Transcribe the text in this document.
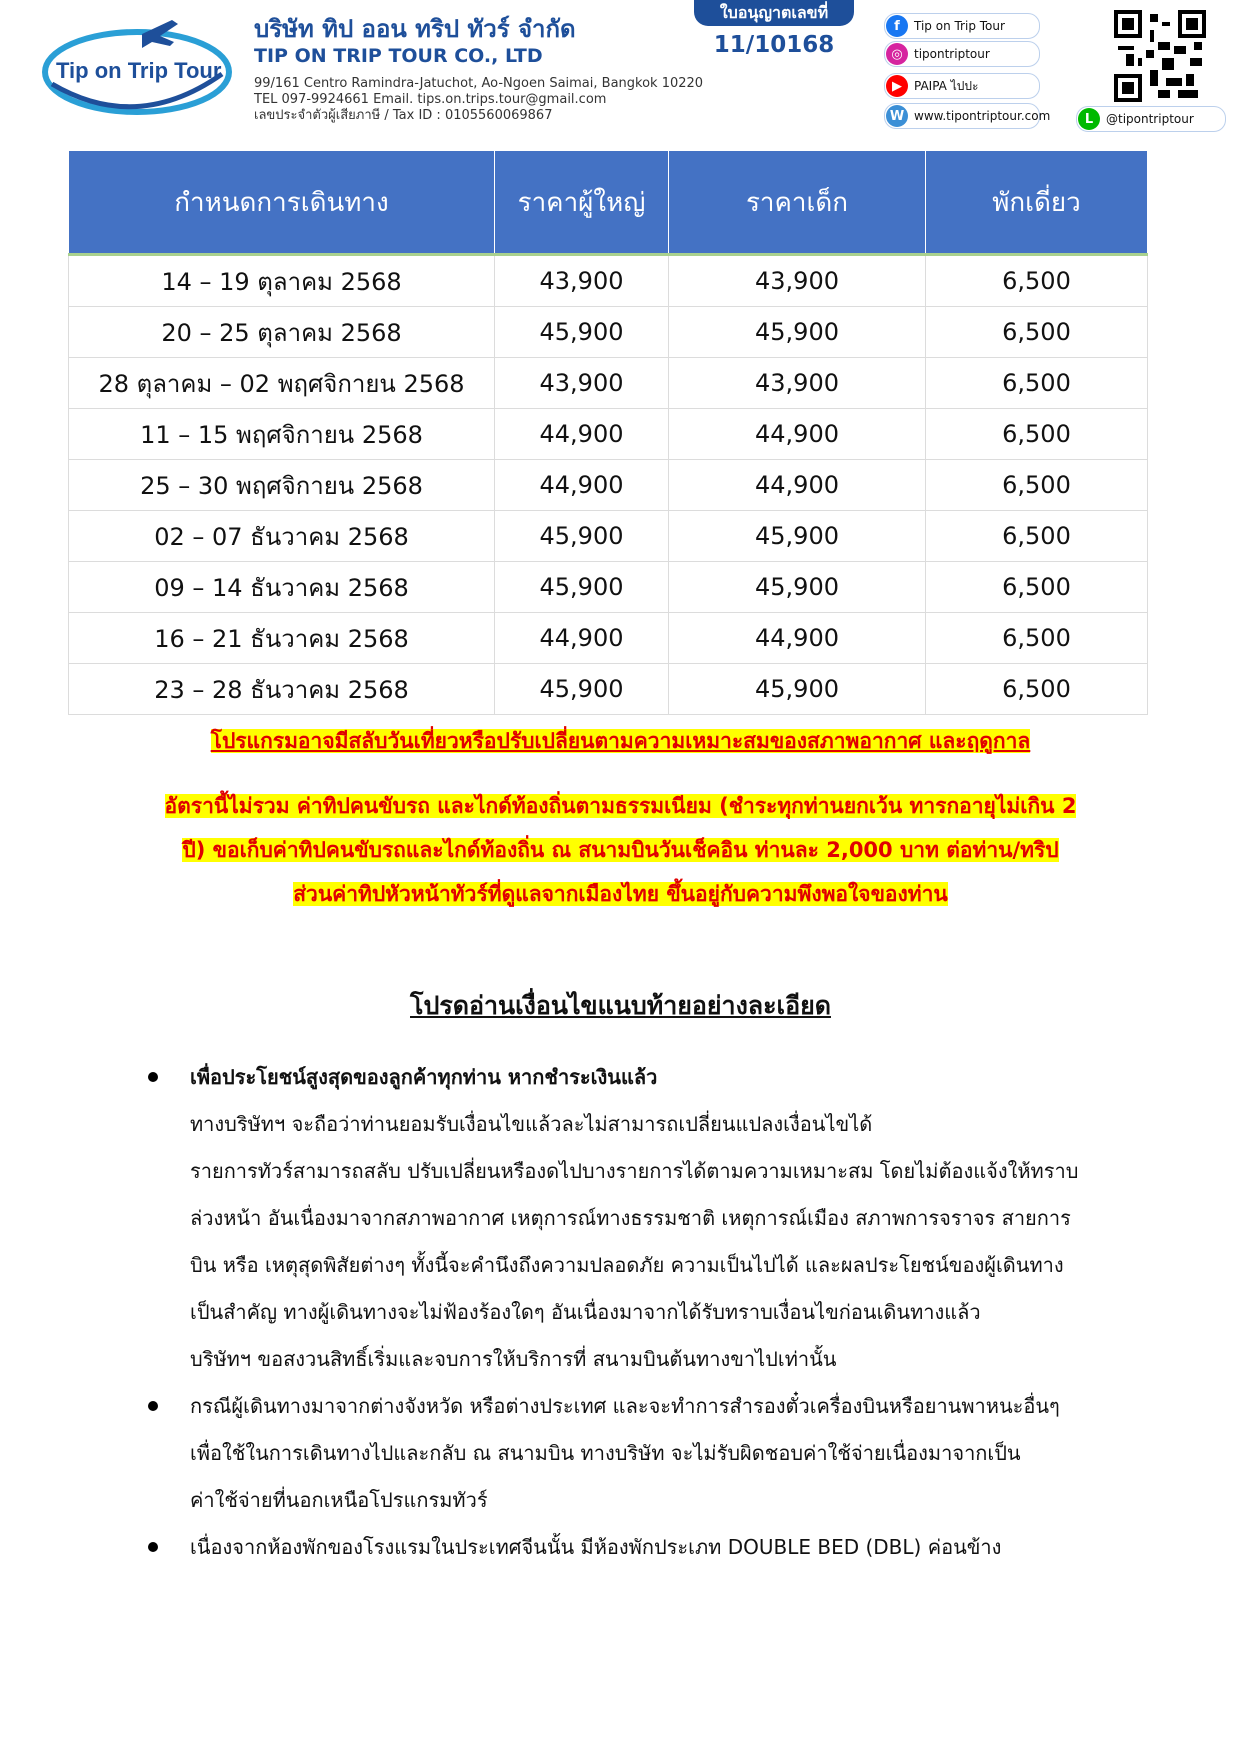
Tip on Trip Tour
บริษัท ทิป ออน ทริป ทัวร์ จำกัด
TIP ON TRIP TOUR CO., LTD
99/161 Centro Ramindra-Jatuchot, Ao-Ngoen Saimai, Bangkok 10220
TEL 097-9924661 Email. tips.on.trips.tour@gmail.com
เลขประจำตัวผู้เสียภาษี / Tax ID : 0105560069867
ใบอนุญาตเลขที่
11/10168
f	Tip on Trip Tour
◎ tipontriptour
▶	PAIPA ไปปะ
W www.tipontriptour.com	L	@tipontriptour
กำหนดการเดินทาง	ราคาผู้ใหญ่	ราคาเด็ก	พักเดี่ยว
14 – 19 ตุลาคม 2568	43,900	43,900	6,500
20 – 25 ตุลาคม 2568	45,900	45,900	6,500
28 ตุลาคม – 02 พฤศจิกายน 2568	43,900	43,900	6,500
11 – 15 พฤศจิกายน 2568	44,900	44,900	6,500
25 – 30 พฤศจิกายน 2568	44,900	44,900	6,500
02 – 07 ธันวาคม 2568	45,900	45,900	6,500
09 – 14 ธันวาคม 2568	45,900	45,900	6,500
16 – 21 ธันวาคม 2568	44,900	44,900	6,500
23 – 28 ธันวาคม 2568	45,900	45,900	6,500
โปรแกรมอาจมีสลับวันเที่ยวหรือปรับเปลี่ยนตามความเหมาะสมของสภาพอากาศ และฤดูกาล
อัตรานี้ไม่รวม ค่าทิปคนขับรถ และไกด์ท้องถิ่นตามธรรมเนียม (ชำระทุกท่านยกเว้น ทารกอายุไม่เกิน 2
ปี) ขอเก็บค่าทิปคนขับรถและไกด์ท้องถิ่น ณ สนามบินวันเช็คอิน ท่านละ 2,000 บาท ต่อท่าน/ทริป
ส่วนค่าทิปหัวหน้าทัวร์ที่ดูแลจากเมืองไทย ขึ้นอยู่กับความพึงพอใจของท่าน
โปรดอ่านเงื่อนไขแนบท้ายอย่างละเอียด

เพื่อประโยชน์สูงสุดของลูกค้าทุกท่าน หากชำระเงินแล้ว

ทางบริษัทฯ จะถือว่าท่านยอมรับเงื่อนไขแล้วละไม่สามารถเปลี่ยนแปลงเงื่อนไขได้

รายการทัวร์สามารถสลับ ปรับเปลี่ยนหรืองดไปบางรายการได้ตามความเหมาะสม โดยไม่ต้องแจ้งให้ทราบ

ล่วงหน้า อันเนื่องมาจากสภาพอากาศ เหตุการณ์ทางธรรมชาติ เหตุการณ์เมือง สภาพการจราจร สายการ

บิน หรือ เหตุสุดพิสัยต่างๆ ทั้งนี้จะคำนึงถึงความปลอดภัย ความเป็นไปได้ และผลประโยชน์ของผู้เดินทาง

เป็นสำคัญ ทางผู้เดินทางจะไม่ฟ้องร้องใดๆ อันเนื่องมาจากได้รับทราบเงื่อนไขก่อนเดินทางแล้ว

บริษัทฯ ขอสงวนสิทธิ์เริ่มและจบการให้บริการที่ สนามบินต้นทางขาไปเท่านั้น

กรณีผู้เดินทางมาจากต่างจังหวัด หรือต่างประเทศ และจะทำการสำรองตั๋วเครื่องบินหรือยานพาหนะอื่นๆ

เพื่อใช้ในการเดินทางไปและกลับ ณ สนามบิน ทางบริษัท จะไม่รับผิดชอบค่าใช้จ่ายเนื่องมาจากเป็น

ค่าใช้จ่ายที่นอกเหนือโปรแกรมทัวร์

เนื่องจากห้องพักของโรงแรมในประเทศจีนนั้น มีห้องพักประเภท DOUBLE BED (DBL) ค่อนข้าง
